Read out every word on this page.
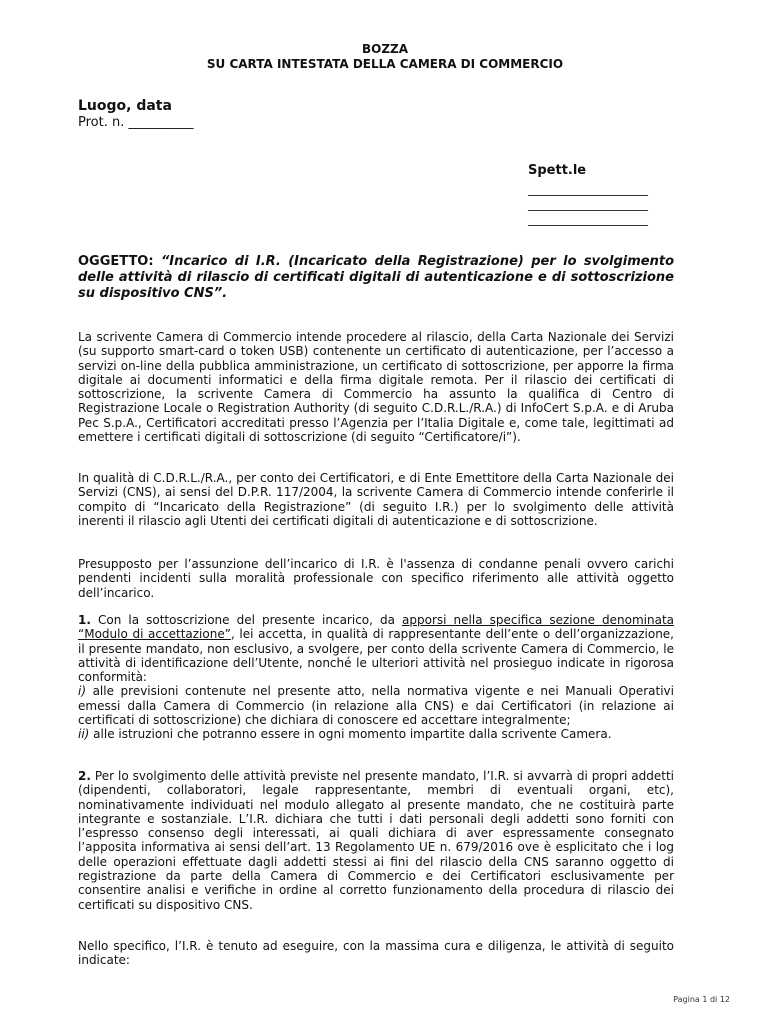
BOZZA
SU CARTA INTESTATA DELLA CAMERA DI COMMERCIO
Luogo, data
Prot. n. __________
Spett.le
____________________
____________________
____________________
OGGETTO: “Incarico di I.R. (Incaricato della Registrazione) per lo svolgimento delle attività di rilascio di certificati digitali di autenticazione e di sottoscrizione su dispositivo CNS”.

La scrivente Camera di Commercio intende procedere al rilascio, della Carta Nazionale dei Servizi (su supporto smart-card o token USB) contenente un certificato di autenticazione, per l’accesso a servizi on-line della pubblica amministrazione, un certificato di sottoscrizione, per apporre la firma digitale ai documenti informatici e della firma digitale remota. Per il rilascio dei certificati di sottoscrizione, la scrivente Camera di Commercio ha assunto la qualifica di Centro di Registrazione Locale o Registration Authority (di seguito C.D.R.L./R.A.) di InfoCert S.p.A. e di Aruba Pec S.p.A., Certificatori accreditati presso l’Agenzia per l’Italia Digitale e, come tale, legittimati ad emettere i certificati digitali di sottoscrizione (di seguito “Certificatore/i”).

In qualità di C.D.R.L./R.A., per conto dei Certificatori, e di Ente Emettitore della Carta Nazionale dei Servizi (CNS), ai sensi del D.P.R. 117/2004, la scrivente Camera di Commercio intende conferirle il compito di “Incaricato della Registrazione” (di seguito I.R.) per lo svolgimento delle attività inerenti il rilascio agli Utenti dei certificati digitali di autenticazione e di sottoscrizione.

Presupposto per l’assunzione dell’incarico di I.R. è l'assenza di condanne penali ovvero carichi pendenti incidenti sulla moralità professionale con specifico riferimento alle attività oggetto dell’incarico.

1. Con la sottoscrizione del presente incarico, da apporsi nella specifica sezione denominata “Modulo di accettazione”, lei accetta, in qualità di rappresentante dell’ente o dell’organizzazione, il presente mandato, non esclusivo, a svolgere, per conto della scrivente Camera di Commercio, le attività di identificazione dell’Utente, nonché le ulteriori attività nel prosieguo indicate in rigorosa conformità:
i) alle previsioni contenute nel presente atto, nella normativa vigente e nei Manuali Operativi emessi dalla Camera di Commercio (in relazione alla CNS) e dai Certificatori (in relazione ai certificati di sottoscrizione) che dichiara di conoscere ed accettare integralmente;
ii) alle istruzioni che potranno essere in ogni momento impartite dalla scrivente Camera.

2. Per lo svolgimento delle attività previste nel presente mandato, l’I.R. si avvarrà di propri addetti (dipendenti, collaboratori, legale rappresentante, membri di eventuali organi, etc), nominativamente individuati nel modulo allegato al presente mandato, che ne costituirà parte integrante e sostanziale. L’I.R. dichiara che tutti i dati personali degli addetti sono forniti con l’espresso consenso degli interessati, ai quali dichiara di aver espressamente consegnato l’apposita informativa ai sensi dell’art. 13 Regolamento UE n. 679/2016 ove è esplicitato che i log delle operazioni effettuate dagli addetti stessi ai fini del rilascio della CNS saranno oggetto di registrazione da parte della Camera di Commercio e dei Certificatori esclusivamente per consentire analisi e verifiche in ordine al corretto funzionamento della procedura di rilascio dei certificati su dispositivo CNS.

Nello specifico, l’I.R. è tenuto ad eseguire, con la massima cura e diligenza, le attività di seguito indicate:

Pagina 1 di 12
